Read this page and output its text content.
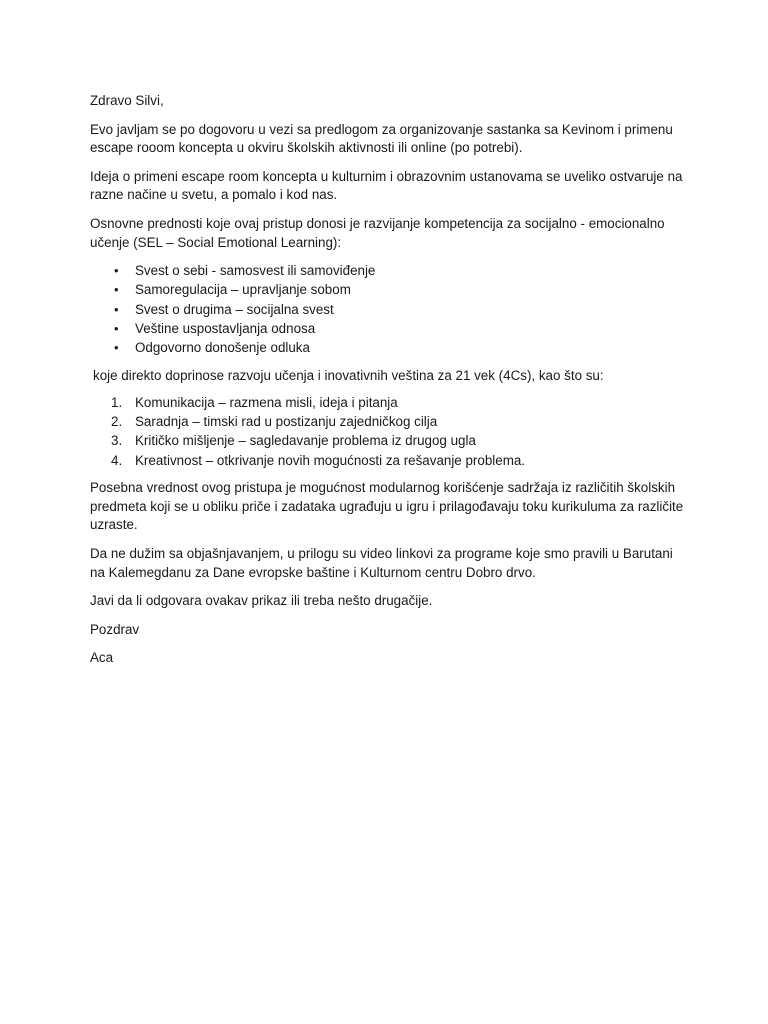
Zdravo Silvi,

Evo javljam se po dogovoru u vezi sa predlogom za organizovanje sastanka sa Kevinom i primenu escape rooom koncepta u okviru školskih aktivnosti ili online (po potrebi).

Ideja o primeni escape room koncepta u kulturnim i obrazovnim ustanovama se uveliko ostvaruje na razne načine u svetu, a pomalo i kod nas.

Osnovne prednosti koje ovaj pristup donosi je razvijanje kompetencija za socijalno - emocionalno učenje (SEL – Social Emotional Learning):

• Svest o sebi - samosvest ili samoviđenje
• Samoregulacija – upravljanje sobom
• Svest o drugima – socijalna svest
• Veštine uspostavljanja odnosa
• Odgovorno donošenje odluka

koje direkto doprinose razvoju učenja i inovativnih veština za 21 vek (4Cs), kao što su:

1. Komunikacija – razmena misli, ideja i pitanja
2. Saradnja – timski rad u postizanju zajedničkog cilja
3. Kritičko mišljenje – sagledavanje problema iz drugog ugla
4. Kreativnost – otkrivanje novih mogućnosti za rešavanje problema.

Posebna vrednost ovog pristupa je mogućnost modularnog korišćenje sadržaja iz različitih školskih predmeta koji se u obliku priče i zadataka ugrađuju u igru i prilagođavaju toku kurikuluma za različite uzraste.

Da ne dužim sa objašnjavanjem, u prilogu su video linkovi za programe koje smo pravili u Barutani na Kalemegdanu za Dane evropske baštine i Kulturnom centru Dobro drvo.

Javi da li odgovara ovakav prikaz ili treba nešto drugačije.

Pozdrav

Aca
